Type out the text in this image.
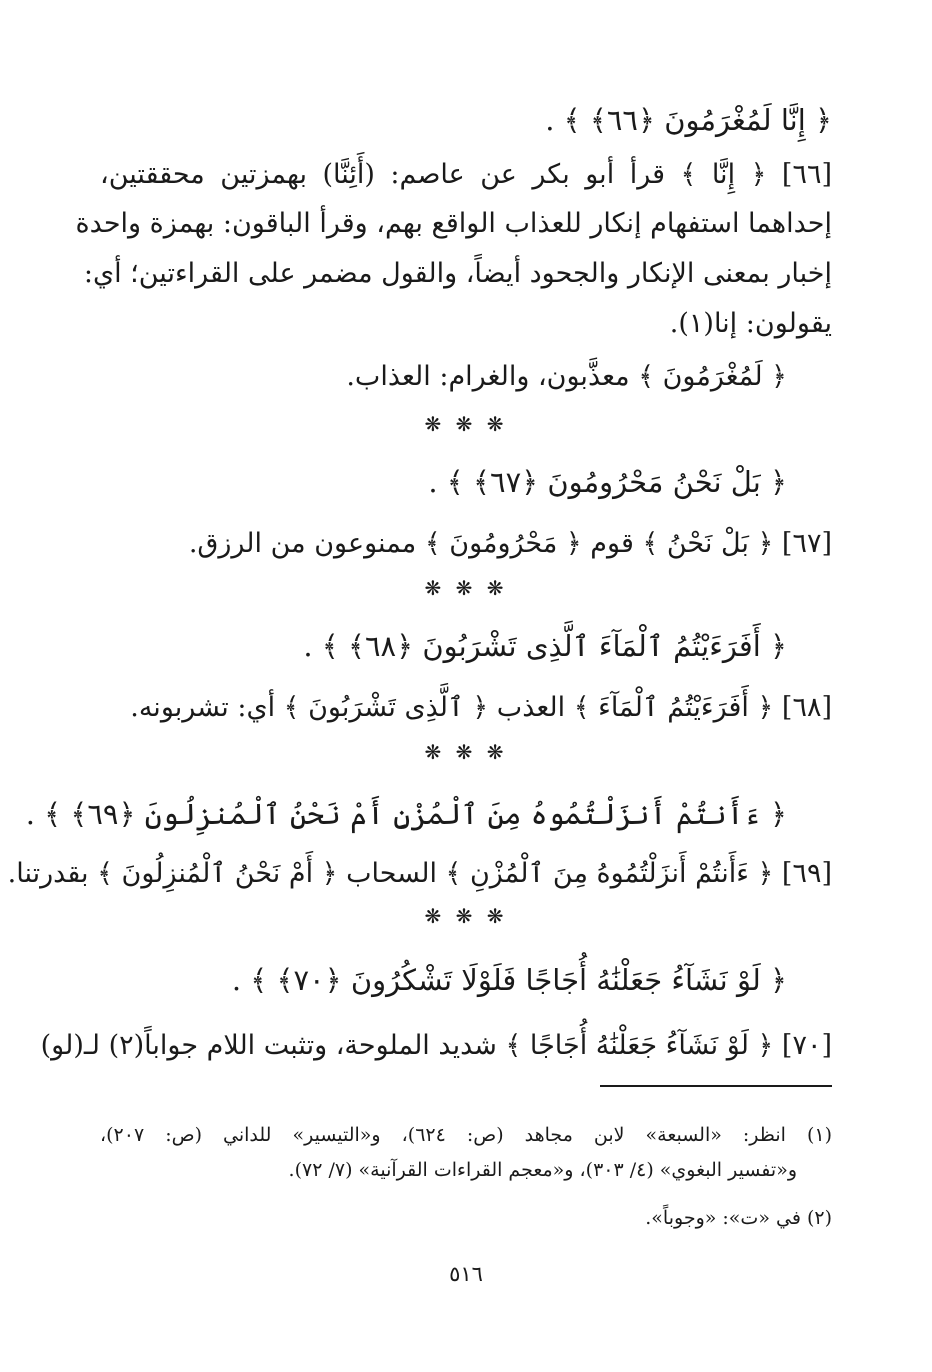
﴿ إِنَّا لَمُغْرَمُونَ ﴿٦٦﴾ ﴾ .
[٦٦] ﴿ إِنَّا ﴾ قرأ أبو بكر عن عاصم: (أَئِنَّا) بهمزتين محققتين،
إحداهما استفهام إنكار للعذاب الواقع بهم، وقرأ الباقون: بهمزة واحدة
إخبار بمعنى الإنكار والجحود أيضاً، والقول مضمر على القراءتين؛ أي:
يقولون: إنا(١).
﴿ لَمُغْرَمُونَ ﴾ معذَّبون، والغرام: العذاب.
❋ ❋ ❋
﴿ بَلْ نَحْنُ مَحْرُومُونَ ﴿٦٧﴾ ﴾ .
[٦٧] ﴿ بَلْ نَحْنُ ﴾ قوم ﴿ مَحْرُومُونَ ﴾ ممنوعون من الرزق.
❋ ❋ ❋
﴿ أَفَرَءَيْتُمُ ٱلْمَآءَ ٱلَّذِى تَشْرَبُونَ ﴿٦٨﴾ ﴾ .
[٦٨] ﴿ أَفَرَءَيْتُمُ ٱلْمَآءَ ﴾ العذب ﴿ ٱلَّذِى تَشْرَبُونَ ﴾ أي: تشربونه.
❋ ❋ ❋
﴿ ءَأَنتُمْ أَنزَلْتُمُوهُ مِنَ ٱلْمُزْنِ أَمْ نَحْنُ ٱلْمُنزِلُونَ ﴿٦٩﴾ ﴾ .
[٦٩] ﴿ ءَأَنتُمْ أَنزَلْتُمُوهُ مِنَ ٱلْمُزْنِ ﴾ السحاب ﴿ أَمْ نَحْنُ ٱلْمُنزِلُونَ ﴾ بقدرتنا.
❋ ❋ ❋
﴿ لَوْ نَشَآءُ جَعَلْنَٰهُ أُجَاجًا فَلَوْلَا تَشْكُرُونَ ﴿٧٠﴾ ﴾ .
[٧٠] ﴿ لَوْ نَشَآءُ جَعَلْنَٰهُ أُجَاجًا ﴾ شديد الملوحة، وتثبت اللام جواباً(٢) لـ(لو)
(١) انظر: «السبعة» لابن مجاهد (ص: ٦٢٤)، و«التيسير» للداني (ص: ٢٠٧)،
و«تفسير البغوي» (٤/ ٣٠٣)، و«معجم القراءات القرآنية» (٧/ ٧٢).
(٢) في «ت»: «وجوباً».
٥١٦
